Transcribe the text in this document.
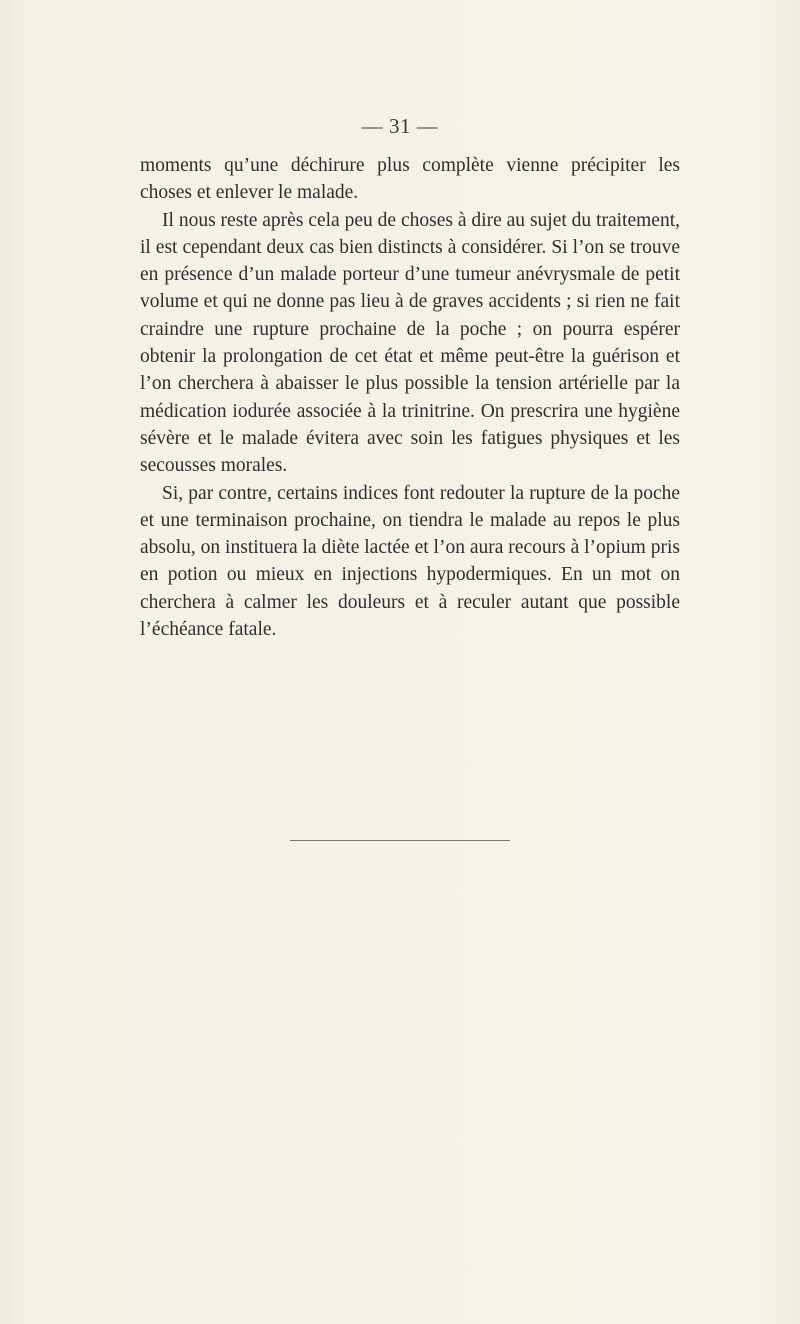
— 31 —

moments qu’une déchirure plus complète vienne précipiter les choses et enlever le malade.

Il nous reste après cela peu de choses à dire au sujet du traitement, il est cependant deux cas bien distincts à considérer. Si l’on se trouve en présence d’un malade porteur d’une tumeur anévrysmale de petit volume et qui ne donne pas lieu à de graves accidents ; si rien ne fait craindre une rupture prochaine de la poche ; on pourra espérer obtenir la prolongation de cet état et même peut-être la guérison et l’on cherchera à abaisser le plus possible la tension artérielle par la médication iodurée associée à la trinitrine. On prescrira une hygiène sévère et le malade évitera avec soin les fatigues physiques et les secousses morales.

Si, par contre, certains indices font redouter la rupture de la poche et une terminaison prochaine, on tiendra le malade au repos le plus absolu, on instituera la diète lactée et l’on aura recours à l’opium pris en potion ou mieux en injections hypodermiques. En un mot on cherchera à calmer les douleurs et à reculer autant que possible l’échéance fatale.
